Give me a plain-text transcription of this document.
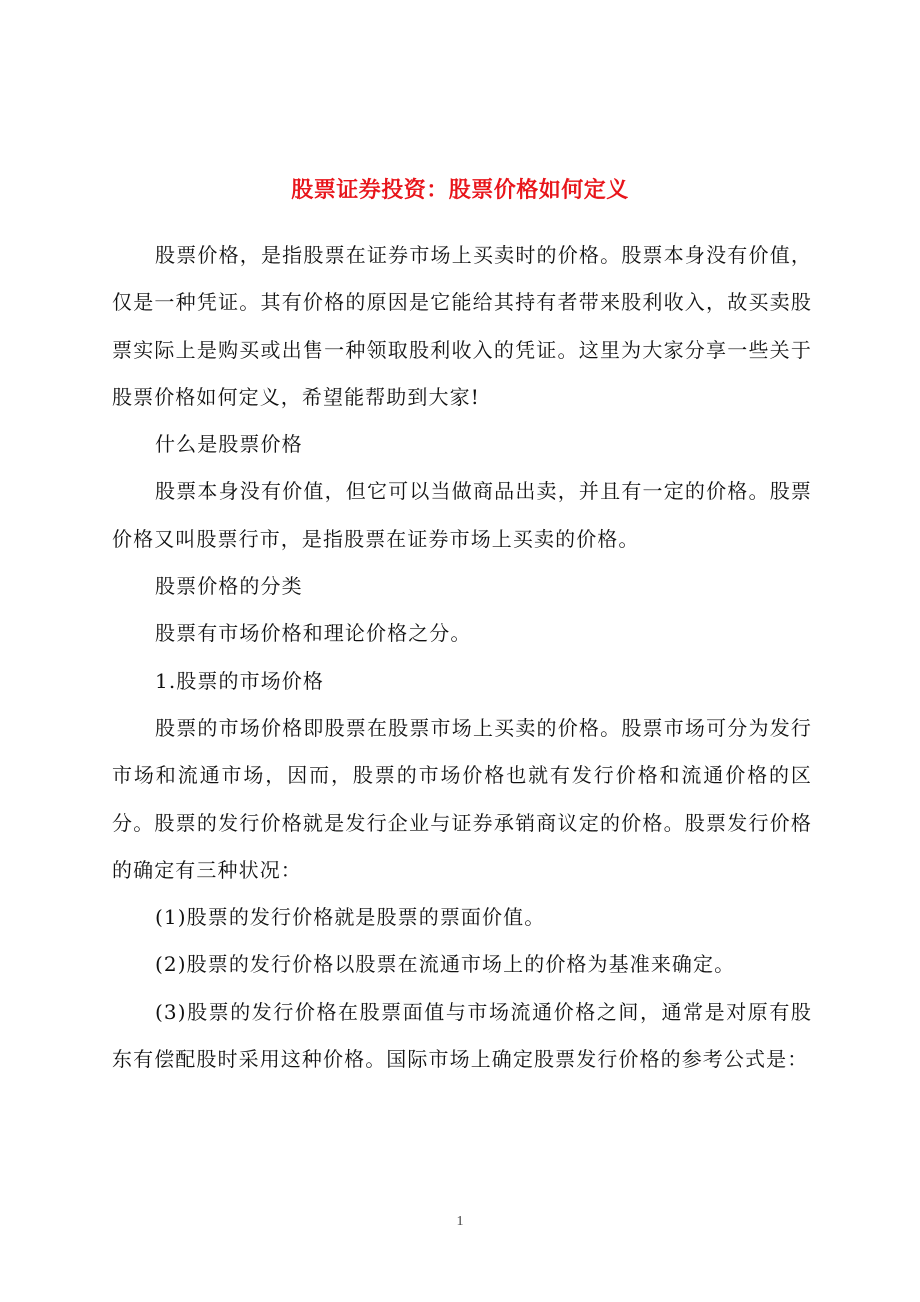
股票证券投资：股票价格如何定义

股票价格，是指股票在证券市场上买卖时的价格。股票本身没有价值，仅是一种凭证。其有价格的原因是它能给其持有者带来股利收入，故买卖股票实际上是购买或出售一种领取股利收入的凭证。这里为大家分享一些关于股票价格如何定义，希望能帮助到大家!

什么是股票价格

股票本身没有价值，但它可以当做商品出卖，并且有一定的价格。股票价格又叫股票行市，是指股票在证券市场上买卖的价格。

股票价格的分类

股票有市场价格和理论价格之分。

1.股票的市场价格

股票的市场价格即股票在股票市场上买卖的价格。股票市场可分为发行市场和流通市场，因而，股票的市场价格也就有发行价格和流通价格的区分。股票的发行价格就是发行企业与证券承销商议定的价格。股票发行价格的确定有三种状况：

(1)股票的发行价格就是股票的票面价值。

(2)股票的发行价格以股票在流通市场上的价格为基准来确定。

(3)股票的发行价格在股票面值与市场流通价格之间，通常是对原有股东有偿配股时采用这种价格。国际市场上确定股票发行价格的参考公式是：

1
